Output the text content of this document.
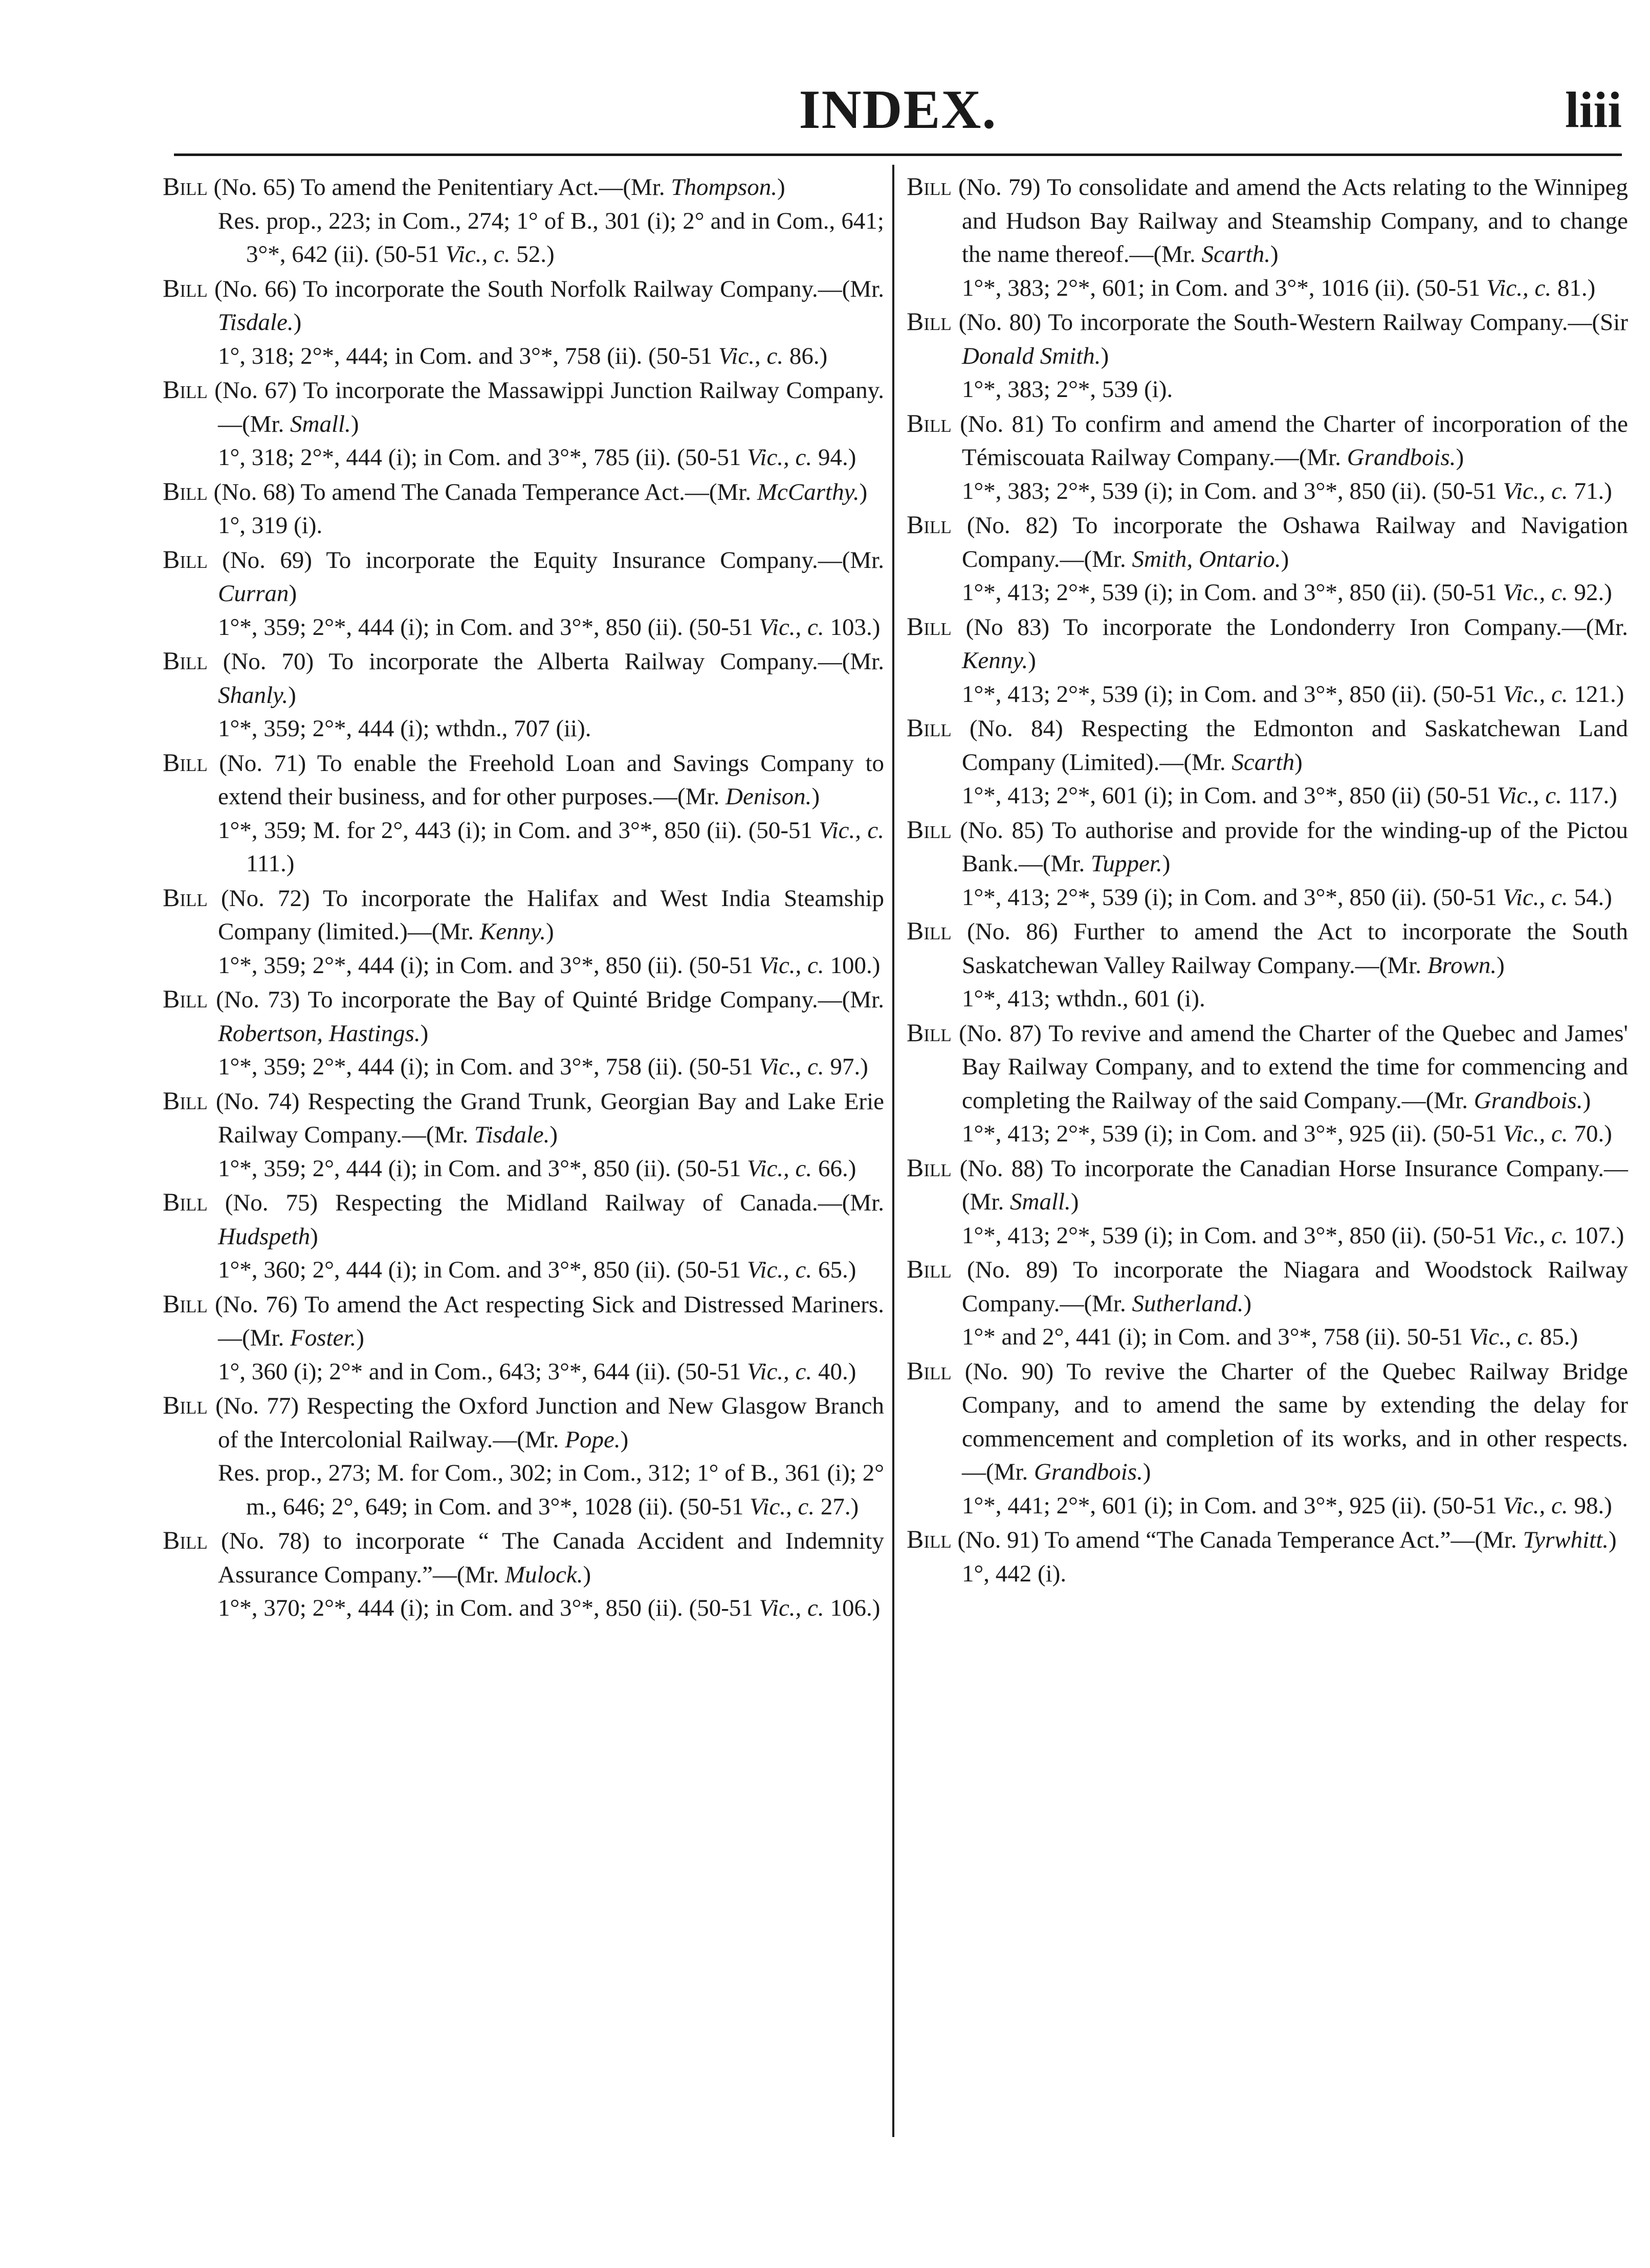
INDEX.	liii

Bill (No. 65) To amend the Penitentiary Act.—(Mr. Thompson.)

Res. prop., 223; in Com., 274; 1° of B., 301 (i); 2° and in Com., 641; 3°*, 642 (ii). (50-51 Vic., c. 52.)

Bill (No. 66) To incorporate the South Norfolk Railway Company.—(Mr. Tisdale.)

1°, 318; 2°*, 444; in Com. and 3°*, 758 (ii). (50-51 Vic., c. 86.)

Bill (No. 67) To incorporate the Massawippi Junction Railway Company.—(Mr. Small.)

1°, 318; 2°*, 444 (i); in Com. and 3°*, 785 (ii). (50-51 Vic., c. 94.)

Bill (No. 68) To amend The Canada Temperance Act.—(Mr. McCarthy.)

1°, 319 (i).

Bill (No. 69) To incorporate the Equity Insurance Company.—(Mr. Curran)

1°*, 359; 2°*, 444 (i); in Com. and 3°*, 850 (ii). (50-51 Vic., c. 103.)

Bill (No. 70) To incorporate the Alberta Railway Company.—(Mr. Shanly.)

1°*, 359; 2°*, 444 (i); wthdn., 707 (ii).

Bill (No. 71) To enable the Freehold Loan and Savings Company to extend their business, and for other purposes.—(Mr. Denison.)

1°*, 359; M. for 2°, 443 (i); in Com. and 3°*, 850 (ii). (50-51 Vic., c. 111.)

Bill (No. 72) To incorporate the Halifax and West India Steamship Company (limited.)—(Mr. Kenny.)

1°*, 359; 2°*, 444 (i); in Com. and 3°*, 850 (ii). (50-51 Vic., c. 100.)

Bill (No. 73) To incorporate the Bay of Quinté Bridge Company.—(Mr. Robertson, Hastings.)

1°*, 359; 2°*, 444 (i); in Com. and 3°*, 758 (ii). (50-51 Vic., c. 97.)

Bill (No. 74) Respecting the Grand Trunk, Georgian Bay and Lake Erie Railway Company.—(Mr. Tisdale.)

1°*, 359; 2°, 444 (i); in Com. and 3°*, 850 (ii). (50-51 Vic., c. 66.)

Bill (No. 75) Respecting the Midland Railway of Canada.—(Mr. Hudspeth)

1°*, 360; 2°, 444 (i); in Com. and 3°*, 850 (ii). (50-51 Vic., c. 65.)

Bill (No. 76) To amend the Act respecting Sick and Distressed Mariners.—(Mr. Foster.)

1°, 360 (i); 2°* and in Com., 643; 3°*, 644 (ii). (50-51 Vic., c. 40.)

Bill (No. 77) Respecting the Oxford Junction and New Glasgow Branch of the Intercolonial Railway.—(Mr. Pope.)

Res. prop., 273; M. for Com., 302; in Com., 312; 1° of B., 361 (i); 2° m., 646; 2°, 649; in Com. and 3°*, 1028 (ii). (50-51 Vic., c. 27.)

Bill (No. 78) to incorporate “ The Canada Accident and Indemnity Assurance Company.”—(Mr. Mulock.)

1°*, 370; 2°*, 444 (i); in Com. and 3°*, 850 (ii). (50-51 Vic., c. 106.)

Bill (No. 79) To consolidate and amend the Acts relating to the Winnipeg and Hudson Bay Railway and Steamship Company, and to change the name thereof.—(Mr. Scarth.)

1°*, 383; 2°*, 601; in Com. and 3°*, 1016 (ii). (50-51 Vic., c. 81.)

Bill (No. 80) To incorporate the South-Western Railway Company.—(Sir Donald Smith.)

1°*, 383; 2°*, 539 (i).

Bill (No. 81) To confirm and amend the Charter of incorporation of the Témiscouata Railway Company.—(Mr. Grandbois.)

1°*, 383; 2°*, 539 (i); in Com. and 3°*, 850 (ii). (50-51 Vic., c. 71.)

Bill (No. 82) To incorporate the Oshawa Railway and Navigation Company.—(Mr. Smith, Ontario.)

1°*, 413; 2°*, 539 (i); in Com. and 3°*, 850 (ii). (50-51 Vic., c. 92.)

Bill (No 83) To incorporate the Londonderry Iron Company.—(Mr. Kenny.)

1°*, 413; 2°*, 539 (i); in Com. and 3°*, 850 (ii). (50-51 Vic., c. 121.)

Bill (No. 84) Respecting the Edmonton and Saskatchewan Land Company (Limited).—(Mr. Scarth)

1°*, 413; 2°*, 601 (i); in Com. and 3°*, 850 (ii) (50-51 Vic., c. 117.)

Bill (No. 85) To authorise and provide for the winding-up of the Pictou Bank.—(Mr. Tupper.)

1°*, 413; 2°*, 539 (i); in Com. and 3°*, 850 (ii). (50-51 Vic., c. 54.)

Bill (No. 86) Further to amend the Act to incorporate the South Saskatchewan Valley Railway Company.—(Mr. Brown.)

1°*, 413; wthdn., 601 (i).

Bill (No. 87) To revive and amend the Charter of the Quebec and James' Bay Railway Company, and to extend the time for commencing and completing the Railway of the said Company.—(Mr. Grandbois.)

1°*, 413; 2°*, 539 (i); in Com. and 3°*, 925 (ii). (50-51 Vic., c. 70.)

Bill (No. 88) To incorporate the Canadian Horse Insurance Company.—(Mr. Small.)

1°*, 413; 2°*, 539 (i); in Com. and 3°*, 850 (ii). (50-51 Vic., c. 107.)

Bill (No. 89) To incorporate the Niagara and Woodstock Railway Company.—(Mr. Sutherland.)

1°* and 2°, 441 (i); in Com. and 3°*, 758 (ii). 50-51 Vic., c. 85.)

Bill (No. 90) To revive the Charter of the Quebec Railway Bridge Company, and to amend the same by extending the delay for commencement and completion of its works, and in other respects.—(Mr. Grandbois.)

1°*, 441; 2°*, 601 (i); in Com. and 3°*, 925 (ii). (50-51 Vic., c. 98.)

Bill (No. 91) To amend “The Canada Temperance Act.”—(Mr. Tyrwhitt.)

1°, 442 (i).
